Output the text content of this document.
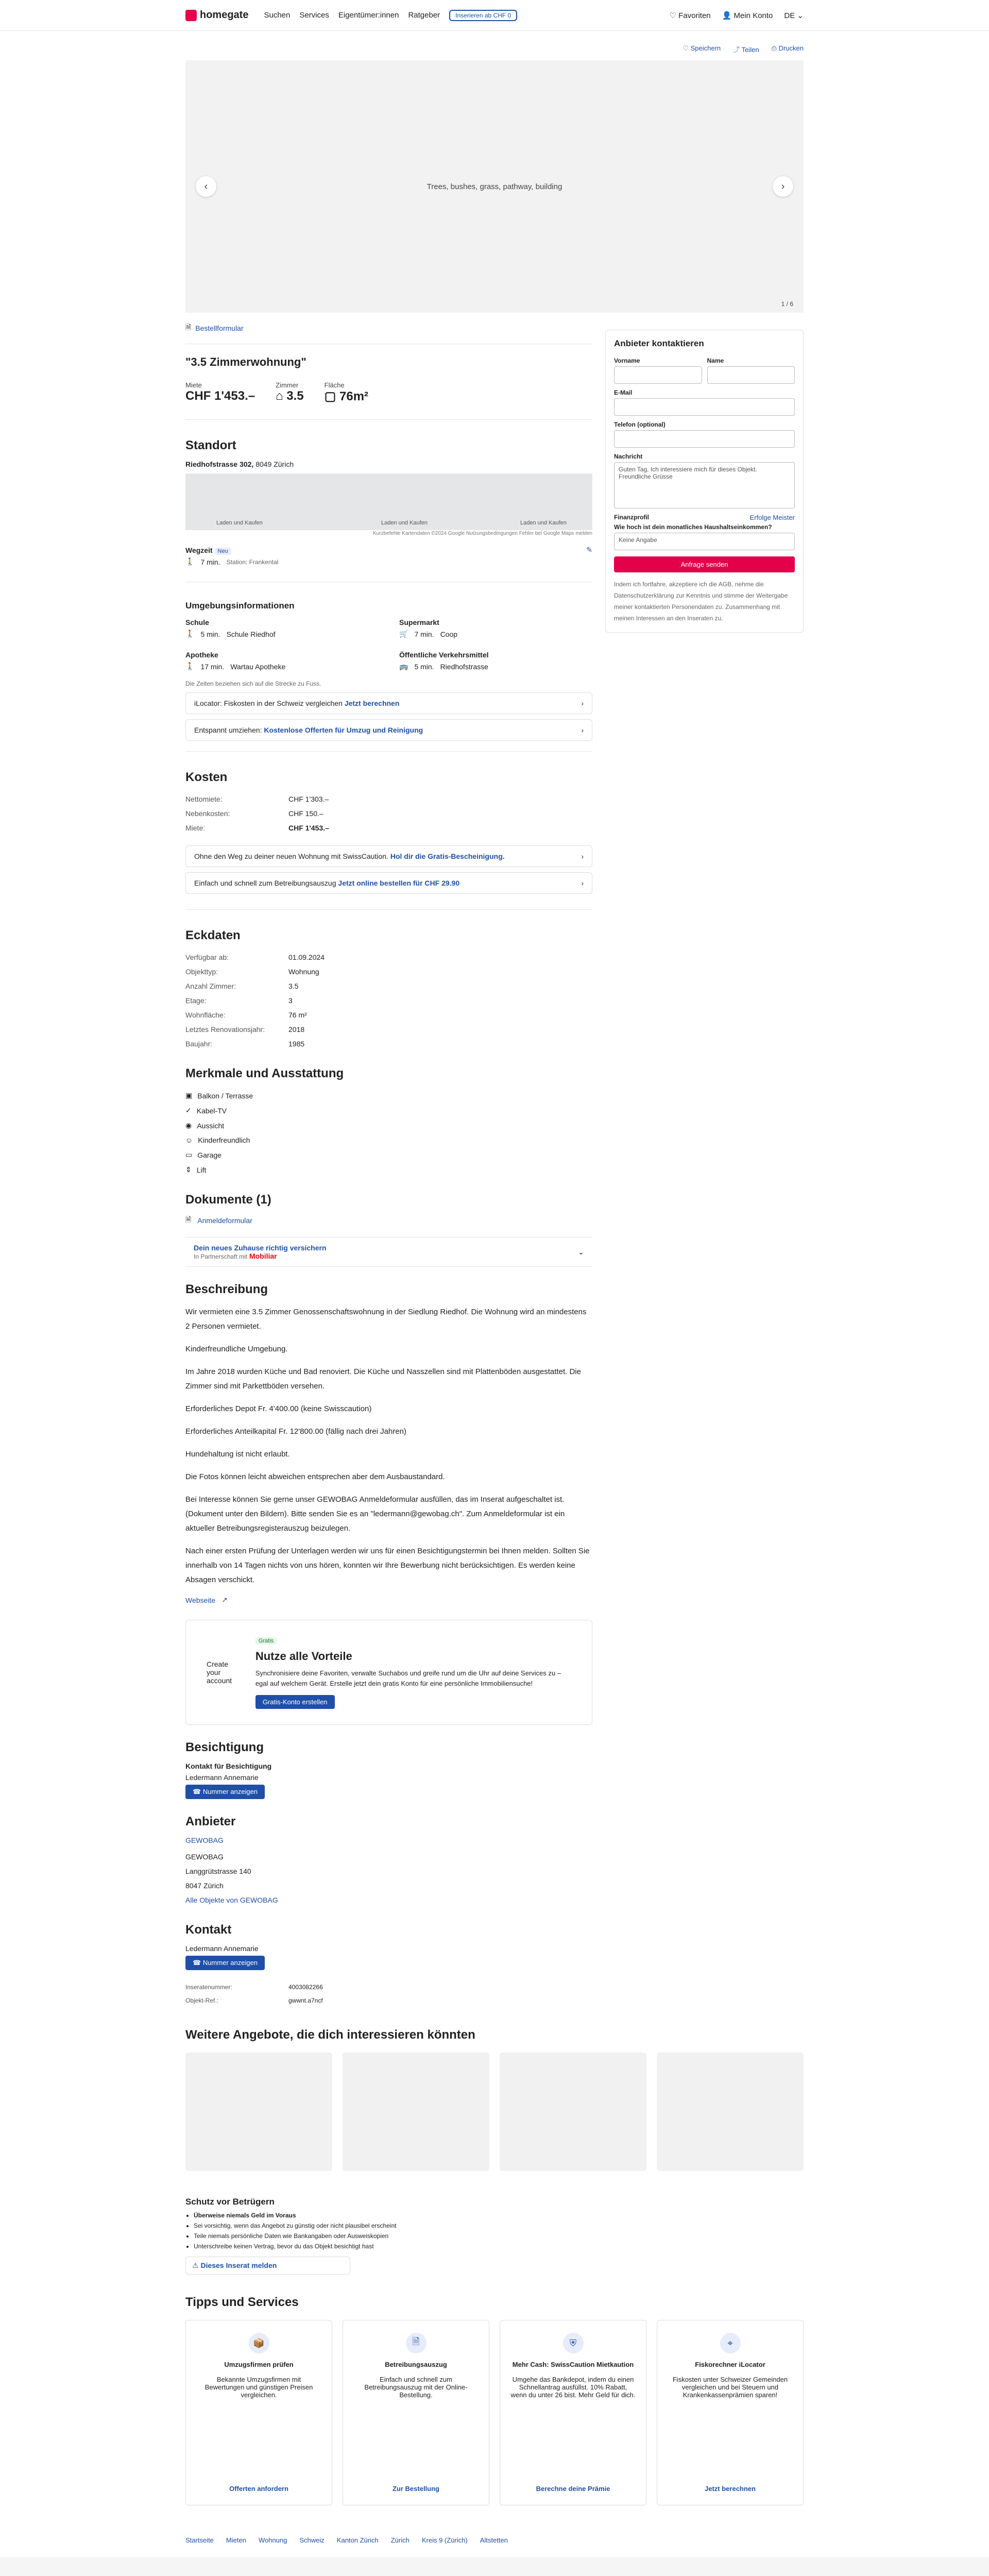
homegate Suchen Services Eigentümer:innen Ratgeber	Inserieren ab CHF 0	♡ Favoriten 👤 Mein Konto DE ⌄
♡ Speichern ⤴ Teilen ⎙ Drucken
‹	Trees, bushes, grass, pathway, building	›
1 / 6
Anbieter kontaktieren
Vorname	Name
E-Mail
Telefon (optional)
Nachricht
Guten Tag, Ich interessiere mich für dieses Objekt. Freundliche Grüsse
Finanzprofil	Erfolge Meister
Wie hoch ist dein monatliches Haushaltseinkommen?
Keine Angabe
Anfrage senden
Indem ich fortfahre, akzeptiere ich die AGB, nehme die Datenschutzerklärung zur Kenntnis und stimme der Weitergabe meiner kontaktierten Personendaten zu. Zusammenhang mit meinen Interessen an den Inseraten zu.
🗎 Bestellformular
"3.5 Zimmerwohnung"
Miete
CHF 1'453.–
Zimmer
⌂ 3.5
Fläche
▢ 76m²
Standort
Riedhofstrasse 302, 8049 Zürich
Laden und Kaufen	Laden und Kaufen	Laden und Kaufen
Kurzbefehle Kartendaten ©2024 Google Nutzungsbedingungen Fehler bei Google Maps melden
Wegzeit Neu	✎
🚶 7 min. Station: Frankental
Umgebungsinformationen
Schule
🚶 5 min. Schule Riedhof
Supermarkt
🛒 7 min. Coop
Apotheke
🚶 17 min. Wartau Apotheke
Öffentliche Verkehrsmittel
🚌 5 min. Riedhofstrasse
Die Zeiten beziehen sich auf die Strecke zu Fuss.
iLocator: Fiskosten in der Schweiz vergleichen Jetzt berechnen	›
Entspannt umziehen: Kostenlose Offerten für Umzug und Reinigung	›
Kosten
Nettomiete:	CHF 1'303.–
Nebenkosten:	CHF 150.–
Miete:	CHF 1'453.–
Ohne den Weg zu deiner neuen Wohnung mit SwissCaution. Hol dir die Gratis-Bescheinigung.	›
Einfach und schnell zum Betreibungsauszug Jetzt online bestellen für CHF 29.90	›
Eckdaten
Verfügbar ab:	01.09.2024
Objekttyp:	Wohnung
Anzahl Zimmer:	3.5
Etage:	3
Wohnfläche:	76 m²
Letztes Renovationsjahr:	2018
Baujahr:	1985
Merkmale und Ausstattung
▣ Balkon / Terrasse
✓ Kabel-TV
◉ Aussicht
☺ Kinderfreundlich
▭ Garage
⇕ Lift
Dokumente (1)
🗎 Anmeldeformular
Dein neues Zuhause richtig versichern
In Partnerschaft mit Mobiliar
⌄
Beschreibung

Wir vermieten eine 3.5 Zimmer Genossenschaftswohnung in der Siedlung Riedhof. Die Wohnung wird an mindestens 2 Personen vermietet.

Kinderfreundliche Umgebung.

Im Jahre 2018 wurden Küche und Bad renoviert. Die Küche und Nasszellen sind mit Plattenböden ausgestattet. Die Zimmer sind mit Parkettböden versehen.

Erforderliches Depot Fr. 4'400.00 (keine Swisscaution)

Erforderliches Anteilkapital Fr. 12'800.00 (fällig nach drei Jahren)

Hundehaltung ist nicht erlaubt.

Die Fotos können leicht abweichen entsprechen aber dem Ausbaustandard.

Bei Interesse können Sie gerne unser GEWOBAG Anmeldeformular ausfüllen, das im Inserat aufgeschaltet ist. (Dokument unter den Bildern). Bitte senden Sie es an "ledermann@gewobag.ch". Zum Anmeldeformular ist ein aktueller Betreibungsregisterauszug beizulegen.

Nach einer ersten Prüfung der Unterlagen werden wir uns für einen Besichtigungstermin bei Ihnen melden. Sollten Sie innerhalb von 14 Tagen nichts von uns hören, konnten wir Ihre Bewerbung nicht berücksichtigen. Es werden keine Absagen verschickt.

Webseite ↗
Create your account
Gratis
Nutze alle Vorteile

Synchronisiere deine Favoriten, verwalte Suchabos und greife rund um die Uhr auf deine Services zu – egal auf welchem Gerät. Erstelle jetzt dein gratis Konto für eine persönliche Immobiliensuche!

Gratis-Konto erstellen
Besichtigung
Kontakt für Besichtigung
Ledermann Annemarie
☎ Nummer anzeigen
Anbieter
GEWOBAG
GEWOBAG
Langgrütstrasse 140
8047 Zürich
Alle Objekte von GEWOBAG
Kontakt
Ledermann Annemarie
☎ Nummer anzeigen
Inseratenummer:	4003082266
Objekt-Ref.:	gwwnt.a7ncf
Weitere Angebote, die dich interessieren könnten
Schutz vor Betrügern
• Überweise niemals Geld im Voraus
• Sei vorsichtig, wenn das Angebot zu günstig oder nicht plausibel erscheint
• Teile niemals persönliche Daten wie Bankangaben oder Ausweiskopien
• Unterschreibe keinen Vertrag, bevor du das Objekt besichtigt hast
⚠ Dieses Inserat melden
Tipps und Services
📦
Umzugsfirmen prüfen
Bekannte Umzugsfirmen mit Bewertungen und günstigen Preisen vergleichen.
Offerten anfordern
🗎
Betreibungsauszug
Einfach und schnell zum Betreibungsauszug mit der Online-Bestellung.
Zur Bestellung
⛨
Mehr Cash: SwissCaution Mietkaution
Umgehe das Bankdepot, indem du einen Schnellantrag ausfüllst. 10% Rabatt, wenn du unter 26 bist. Mehr Geld für dich.
Berechne deine Prämie
⌖
Fiskorechner iLocator
Fiskosten unter Schweizer Gemeinden vergleichen und bei Steuern und Krankenkassenprämien sparen!
Jetzt berechnen
Startseite Mieten Wohnung Schweiz Kanton Zürich Zürich Kreis 9 (Zürich) Altstetten
